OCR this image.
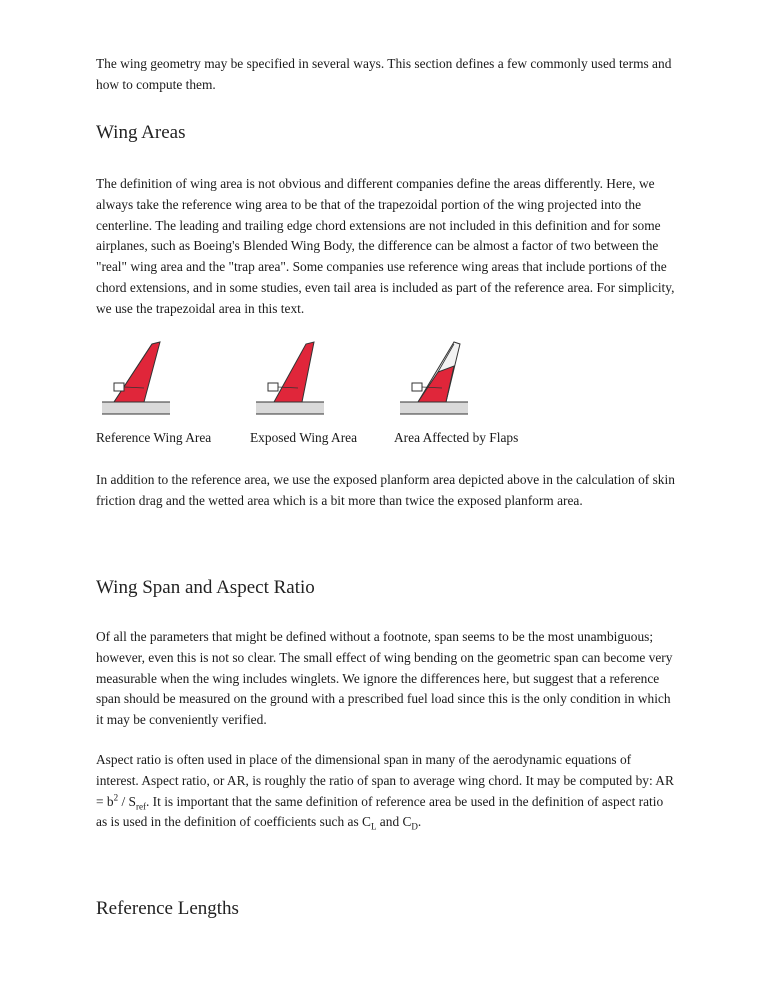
The wing geometry may be specified in several ways. This section defines a few commonly used terms and how to compute them.

Wing Areas

The definition of wing area is not obvious and different companies define the areas differently. Here, we always take the reference wing area to be that of the trapezoidal portion of the wing projected into the centerline. The leading and trailing edge chord extensions are not included in this definition and for some airplanes, such as Boeing's Blended Wing Body, the difference can be almost a factor of two between the "real" wing area and the "trap area". Some companies use reference wing areas that include portions of the chord extensions, and in some studies, even tail area is included as part of the reference area. For simplicity, we use the trapezoidal area in this text.

Reference Wing Area	Exposed Wing Area	Area Affected by Flaps

In addition to the reference area, we use the exposed planform area depicted above in the calculation of skin friction drag and the wetted area which is a bit more than twice the exposed planform area.

Wing Span and Aspect Ratio

Of all the parameters that might be defined without a footnote, span seems to be the most unambiguous; however, even this is not so clear. The small effect of wing bending on the geometric span can become very measurable when the wing includes winglets. We ignore the differences here, but suggest that a reference span should be measured on the ground with a prescribed fuel load since this is the only condition in which it may be conveniently verified.

Aspect ratio is often used in place of the dimensional span in many of the aerodynamic equations of interest. Aspect ratio, or AR, is roughly the ratio of span to average wing chord. It may be computed by: AR = $b^2 / S_{ref}$. It is important that the same definition of reference area be used in the definition of aspect ratio as is used in the definition of coefficients such as $C_L$ and $C_D$.

Reference Lengths
